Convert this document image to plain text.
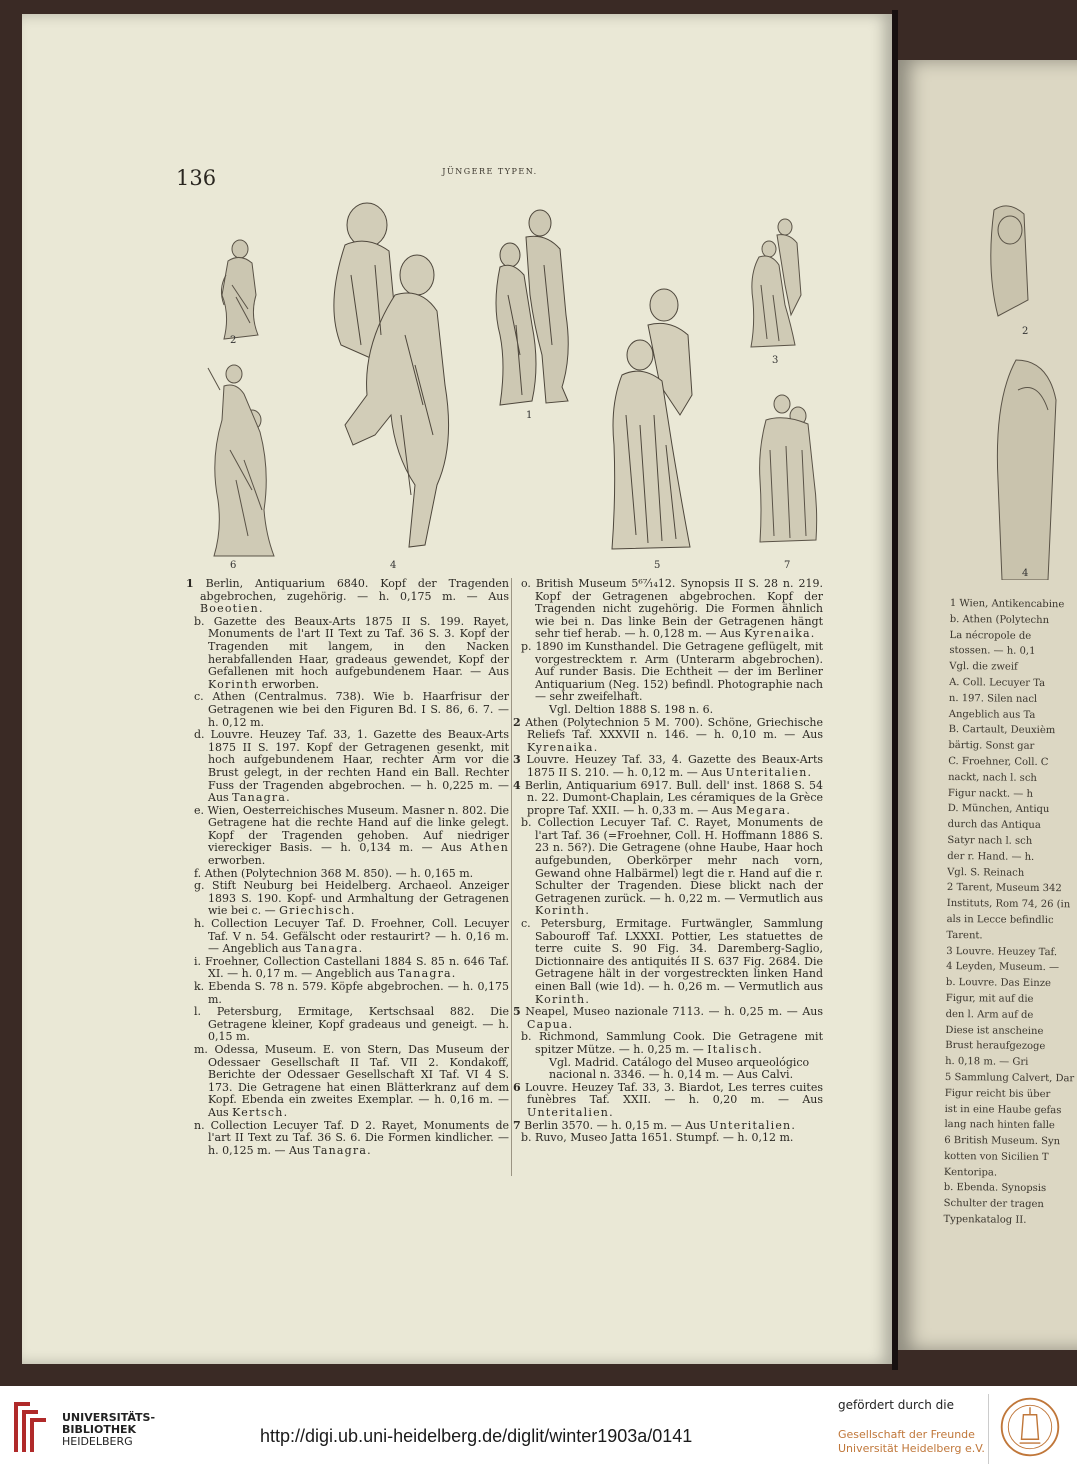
136	JÜNGERE TYPEN.
2
6	4
1
5
3
7

1 Berlin, Antiquarium 6840. Kopf der Tragenden abgebrochen, zugehörig. — h. 0,175 m. — Aus Boeotien.

b. Gazette des Beaux-Arts 1875 II S. 199. Rayet, Monuments de l'art II Text zu Taf. 36 S. 3. Kopf der Tragenden mit langem, in den Nacken herabfallenden Haar, gradeaus gewendet, Kopf der Gefallenen mit hoch aufgebundenem Haar. — Aus Korinth erworben.

c. Athen (Centralmus. 738). Wie b. Haarfrisur der Getragenen wie bei den Figuren Bd. I S. 86, 6. 7. — h. 0,12 m.

d. Louvre. Heuzey Taf. 33, 1. Gazette des Beaux-Arts 1875 II S. 197. Kopf der Getragenen gesenkt, mit hoch aufgebundenem Haar, rechter Arm vor die Brust gelegt, in der rechten Hand ein Ball. Rechter Fuss der Tragenden abgebrochen. — h. 0,225 m. — Aus Tanagra.

e. Wien, Oesterreichisches Museum. Masner n. 802. Die Getragene hat die rechte Hand auf die linke gelegt. Kopf der Tragenden gehoben. Auf niedriger viereckiger Basis. — h. 0,134 m. — Aus Athen erworben.

f. Athen (Polytechnion 368 M. 850). — h. 0,165 m.

g. Stift Neuburg bei Heidelberg. Archaeol. Anzeiger 1893 S. 190. Kopf- und Armhaltung der Getragenen wie bei c. — Griechisch.

h. Collection Lecuyer Taf. D. Froehner, Coll. Lecuyer Taf. V n. 54. Gefälscht oder restaurirt? — h. 0,16 m. — Angeblich aus Tanagra.

i. Froehner, Collection Castellani 1884 S. 85 n. 646 Taf. XI. — h. 0,17 m. — Angeblich aus Tanagra.

k. Ebenda S. 78 n. 579. Köpfe abgebrochen. — h. 0,175 m.

l. Petersburg, Ermitage, Kertschsaal 882. Die Getragene kleiner, Kopf gradeaus und geneigt. — h. 0,15 m.

m. Odessa, Museum. E. von Stern, Das Museum der Odessaer Gesellschaft II Taf. VII 2. Kondakoff, Berichte der Odessaer Gesellschaft XI Taf. VI 4 S. 173. Die Getragene hat einen Blätterkranz auf dem Kopf. Ebenda ein zweites Exemplar. — h. 0,16 m. — Aus Kertsch.

n. Collection Lecuyer Taf. D 2. Rayet, Monuments de l'art II Text zu Taf. 36 S. 6. Die Formen kindlicher. — h. 0,125 m. — Aus Tanagra.

o. British Museum 5⁶⁷⁄₁₄12. Synopsis II S. 28 n. 219. Kopf der Getragenen abgebrochen. Kopf der Tragenden nicht zugehörig. Die Formen ähnlich wie bei n. Das linke Bein der Getragenen hängt sehr tief herab. — h. 0,128 m. — Aus Kyrenaika.

p. 1890 im Kunsthandel. Die Getragene geflügelt, mit vorgestrecktem r. Arm (Unterarm abgebrochen). Auf runder Basis. Die Echtheit — der im Berliner Antiquarium (Neg. 152) befindl. Photographie nach — sehr zweifelhaft.

Vgl. Deltion 1888 S. 198 n. 6.

2 Athen (Polytechnion 5 M. 700). Schöne, Griechische Reliefs Taf. XXXVII n. 146. — h. 0,10 m. — Aus Kyrenaika.

3 Louvre. Heuzey Taf. 33, 4. Gazette des Beaux-Arts 1875 II S. 210. — h. 0,12 m. — Aus Unteritalien.

4 Berlin, Antiquarium 6917. Bull. dell' inst. 1868 S. 54 n. 22. Dumont-Chaplain, Les céramiques de la Grèce propre Taf. XXII. — h. 0,33 m. — Aus Megara.

b. Collection Lecuyer Taf. C. Rayet, Monuments de l'art Taf. 36 (=Froehner, Coll. H. Hoffmann 1886 S. 23 n. 56?). Die Getragene (ohne Haube, Haar hoch aufgebunden, Oberkörper mehr nach vorn, Gewand ohne Halbärmel) legt die r. Hand auf die r. Schulter der Tragenden. Diese blickt nach der Getragenen zurück. — h. 0,22 m. — Vermutlich aus Korinth.

c. Petersburg, Ermitage. Furtwängler, Sammlung Sabouroff Taf. LXXXI. Pottier, Les statuettes de terre cuite S. 90 Fig. 34. Daremberg-Saglio, Dictionnaire des antiquités II S. 637 Fig. 2684. Die Getragene hält in der vorgestreckten linken Hand einen Ball (wie 1d). — h. 0,26 m. — Vermutlich aus Korinth.

5 Neapel, Museo nazionale 7113. — h. 0,25 m. — Aus Capua.

b. Richmond, Sammlung Cook. Die Getragene mit spitzer Mütze. — h. 0,25 m. — Italisch.

Vgl. Madrid. Catálogo del Museo arqueológico nacional n. 3346. — h. 0,14 m. — Aus Calvi.

6 Louvre. Heuzey Taf. 33, 3. Biardot, Les terres cuites funèbres Taf. XXII. — h. 0,20 m. — Aus Unteritalien.

7 Berlin 3570. — h. 0,15 m. — Aus Unteritalien.

b. Ruvo, Museo Jatta 1651. Stumpf. — h. 0,12 m.

2
4
1 Wien, Antikencabine
b. Athen (Polytechn
La nécropole de
stossen. — h. 0,1
Vgl. die zweif
A. Coll. Lecuyer Ta
n. 197. Silen nacl
Angeblich aus Ta
B. Cartault, Deuxièm
bärtig. Sonst gar
C. Froehner, Coll. C
nackt, nach l. sch
Figur nackt. — h
D. München, Antiqu
durch das Antiqua
Satyr nach l. sch
der r. Hand. — h.
Vgl. S. Reinach
2 Tarent, Museum 342
Instituts, Rom 74, 26 (in
als in Lecce befindlic
Tarent.
3 Louvre. Heuzey Taf.
4 Leyden, Museum. —
b. Louvre. Das Einze
Figur, mit auf die
den l. Arm auf de
Diese ist anscheine
Brust heraufgezoge
h. 0,18 m. — Gri
5 Sammlung Calvert, Dar
Figur reicht bis über
ist in eine Haube gefas
lang nach hinten falle
6 British Museum. Syn
kotten von Sicilien T
Kentoripa.
b. Ebenda. Synopsis
Schulter der tragen
Typenkatalog II.
UNIVERSITÄTS-
BIBLIOTHEK
HEIDELBERG	http://digi.ub.uni-heidelberg.de/diglit/winter1903a/0141
gefördert durch die
Gesellschaft der Freunde
Universität Heidelberg e.V.
